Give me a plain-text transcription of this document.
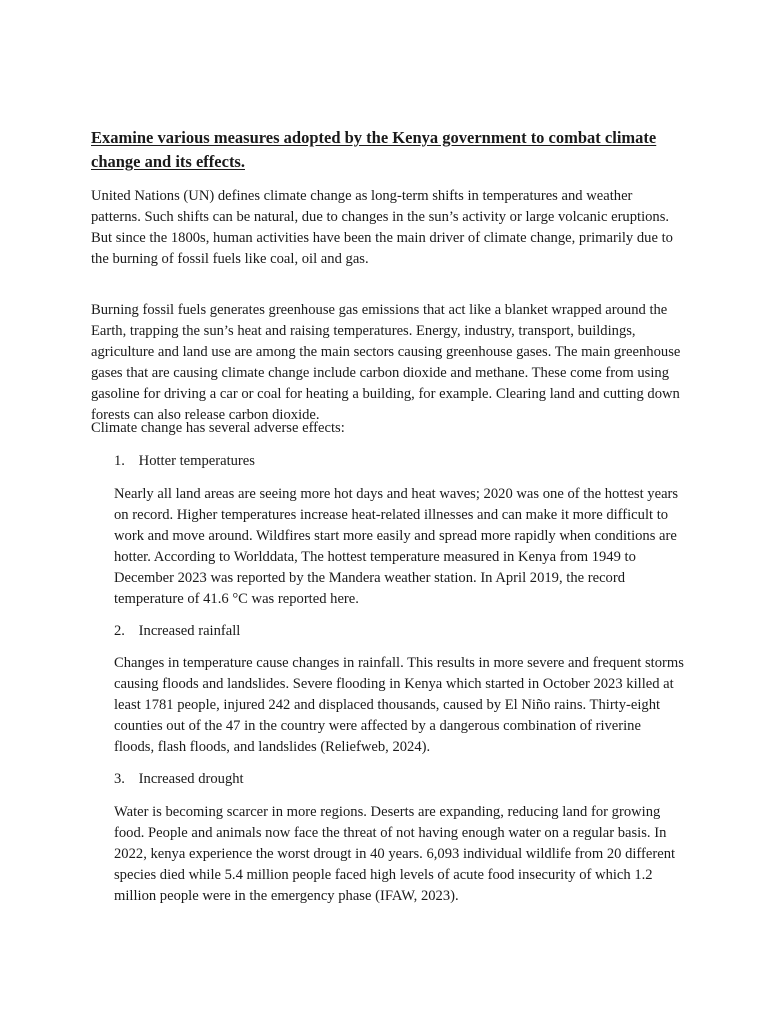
Examine various measures adopted by the Kenya government to combat climate change and its effects.

United Nations (UN) defines climate change as long-term shifts in temperatures and weather patterns. Such shifts can be natural, due to changes in the sun’s activity or large volcanic eruptions. But since the 1800s, human activities have been the main driver of climate change, primarily due to the burning of fossil fuels like coal, oil and gas.

Burning fossil fuels generates greenhouse gas emissions that act like a blanket wrapped around the Earth, trapping the sun’s heat and raising temperatures. Energy, industry, transport, buildings, agriculture and land use are among the main sectors causing greenhouse gases. The main greenhouse gases that are causing climate change include carbon dioxide and methane. These come from using gasoline for driving a car or coal for heating a building, for example. Clearing land and cutting down forests can also release carbon dioxide.

Climate change has several adverse effects:

1. Hotter temperatures

Nearly all land areas are seeing more hot days and heat waves; 2020 was one of the hottest years on record. Higher temperatures increase heat-related illnesses and can make it more difficult to work and move around. Wildfires start more easily and spread more rapidly when conditions are hotter. According to Worlddata, The hottest temperature measured in Kenya from 1949 to December 2023 was reported by the Mandera weather station. In April 2019, the record temperature of 41.6 °C was reported here.

2. Increased rainfall

Changes in temperature cause changes in rainfall. This results in more severe and frequent storms causing floods and landslides. Severe flooding in Kenya which started in October 2023 killed at least 1781 people, injured 242 and displaced thousands, caused by El Niño rains. Thirty-eight counties out of the 47 in the country were affected by a dangerous combination of riverine floods, flash floods, and landslides (Reliefweb, 2024).

3. Increased drought

Water is becoming scarcer in more regions. Deserts are expanding, reducing land for growing food. People and animals now face the threat of not having enough water on a regular basis. In 2022, kenya experience the worst drougt in 40 years. 6,093 individual wildlife from 20 different species died while 5.4 million people faced high levels of acute food insecurity of which 1.2 million people were in the emergency phase (IFAW, 2023).
